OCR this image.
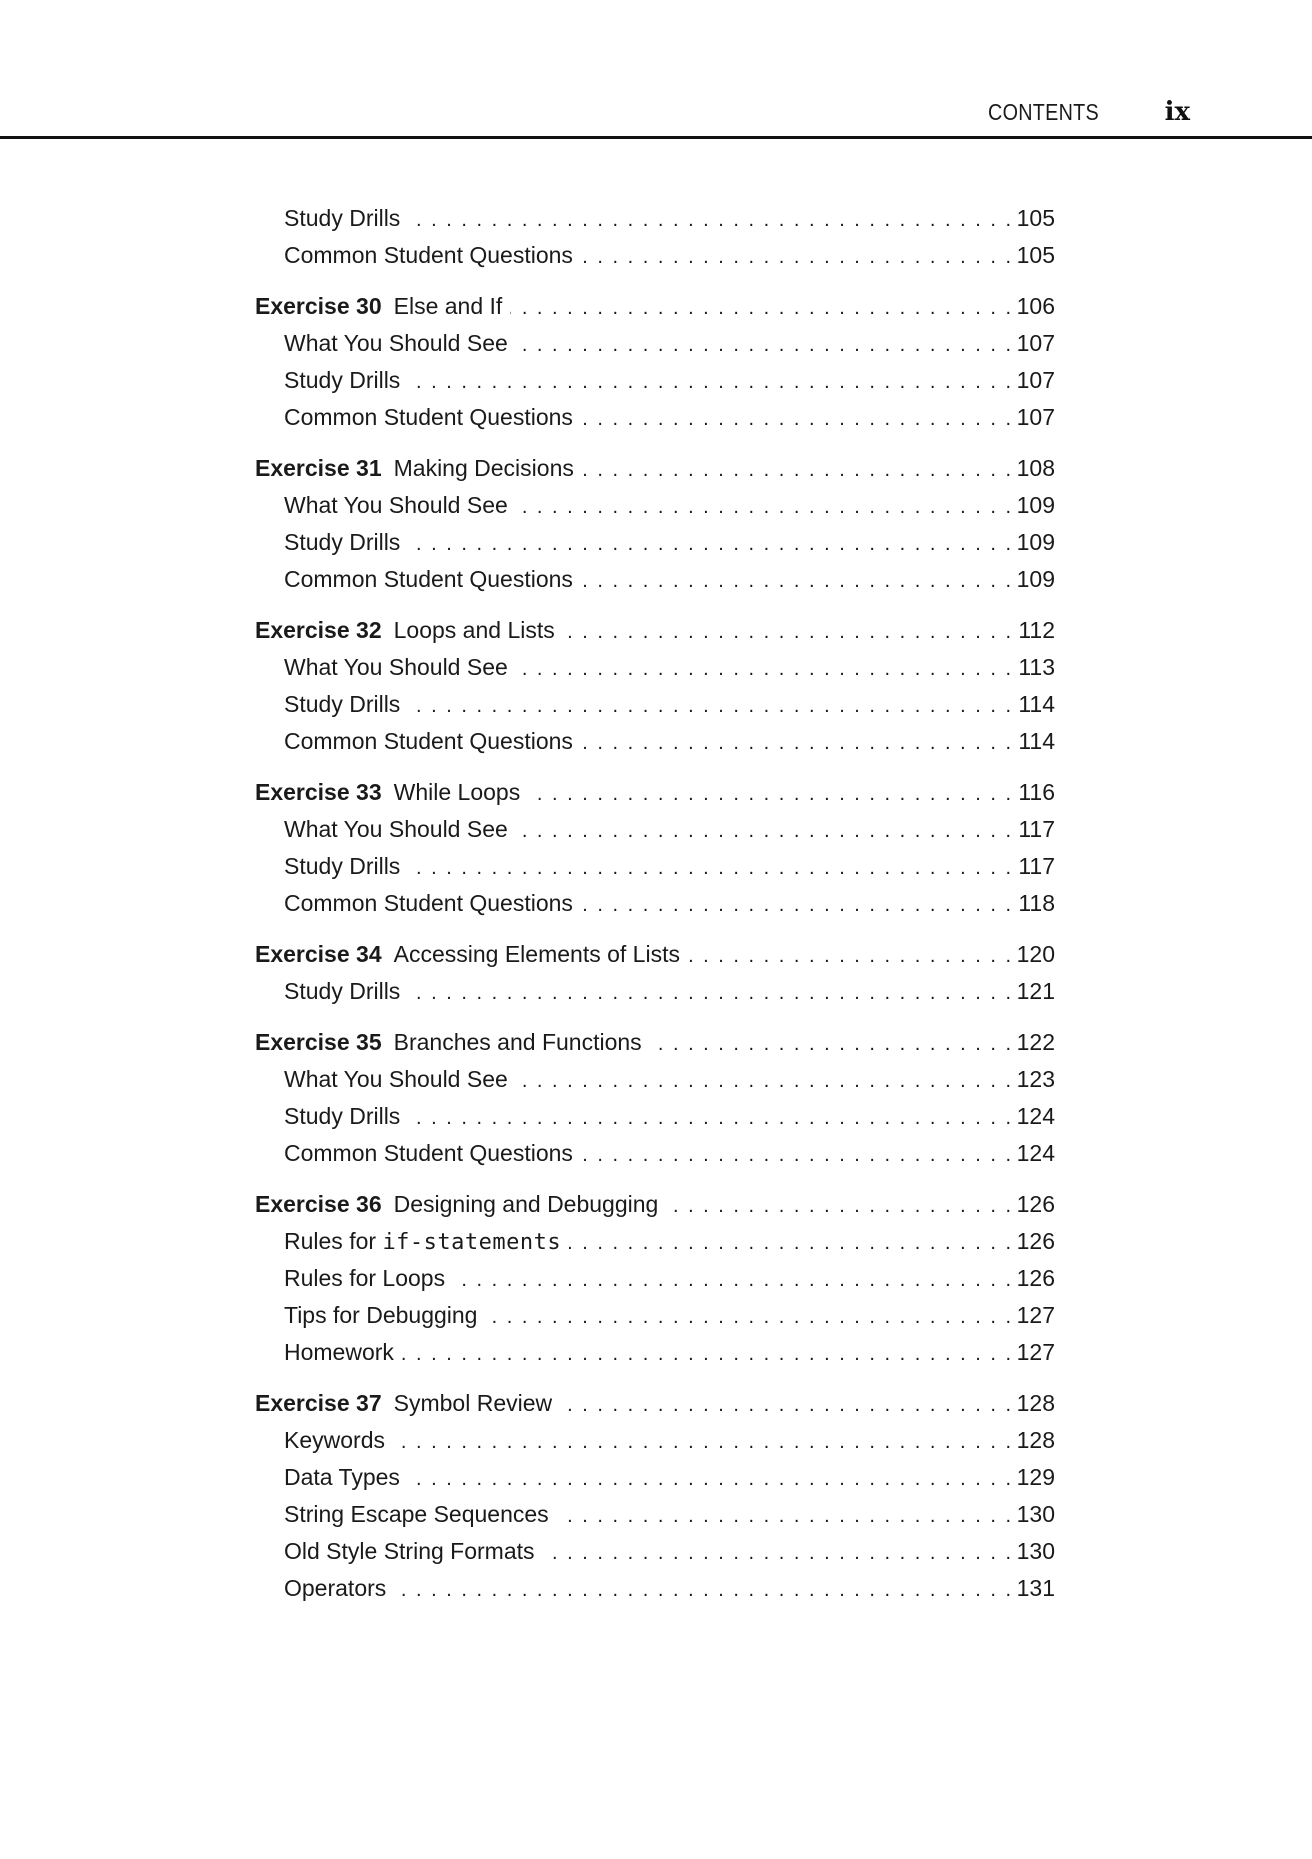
CONTENTS	ix
Study Drills . . .	105
Common Student Questions . . .	105
Exercise 30 Else and If . . .	106
What You Should See . . .	107
Study Drills . . .	107
Common Student Questions . . .	107
Exercise 31 Making Decisions . . .	108
What You Should See . . .	109
Study Drills . . .	109
Common Student Questions . . .	109
Exercise 32 Loops and Lists . . .	112
What You Should See . . .	113
Study Drills . . .	114
Common Student Questions . . .	114
Exercise 33 While Loops . . .	116
What You Should See . . .	117
Study Drills . . .	117
Common Student Questions . . .	118
Exercise 34 Accessing Elements of Lists . . .	120
Study Drills . . .	121
Exercise 35 Branches and Functions . . .	122
What You Should See . . .	123
Study Drills . . .	124
Common Student Questions . . .	124
Exercise 36 Designing and Debugging . . .	126
Rules for if-statements . . .	126
Rules for Loops . . .	126
Tips for Debugging . . .	127
Homework . . .	127
Exercise 37 Symbol Review . . .	128
Keywords . . .	128
Data Types . . .	129
String Escape Sequences . . .	130
Old Style String Formats . . .	130
Operators . . .	131
